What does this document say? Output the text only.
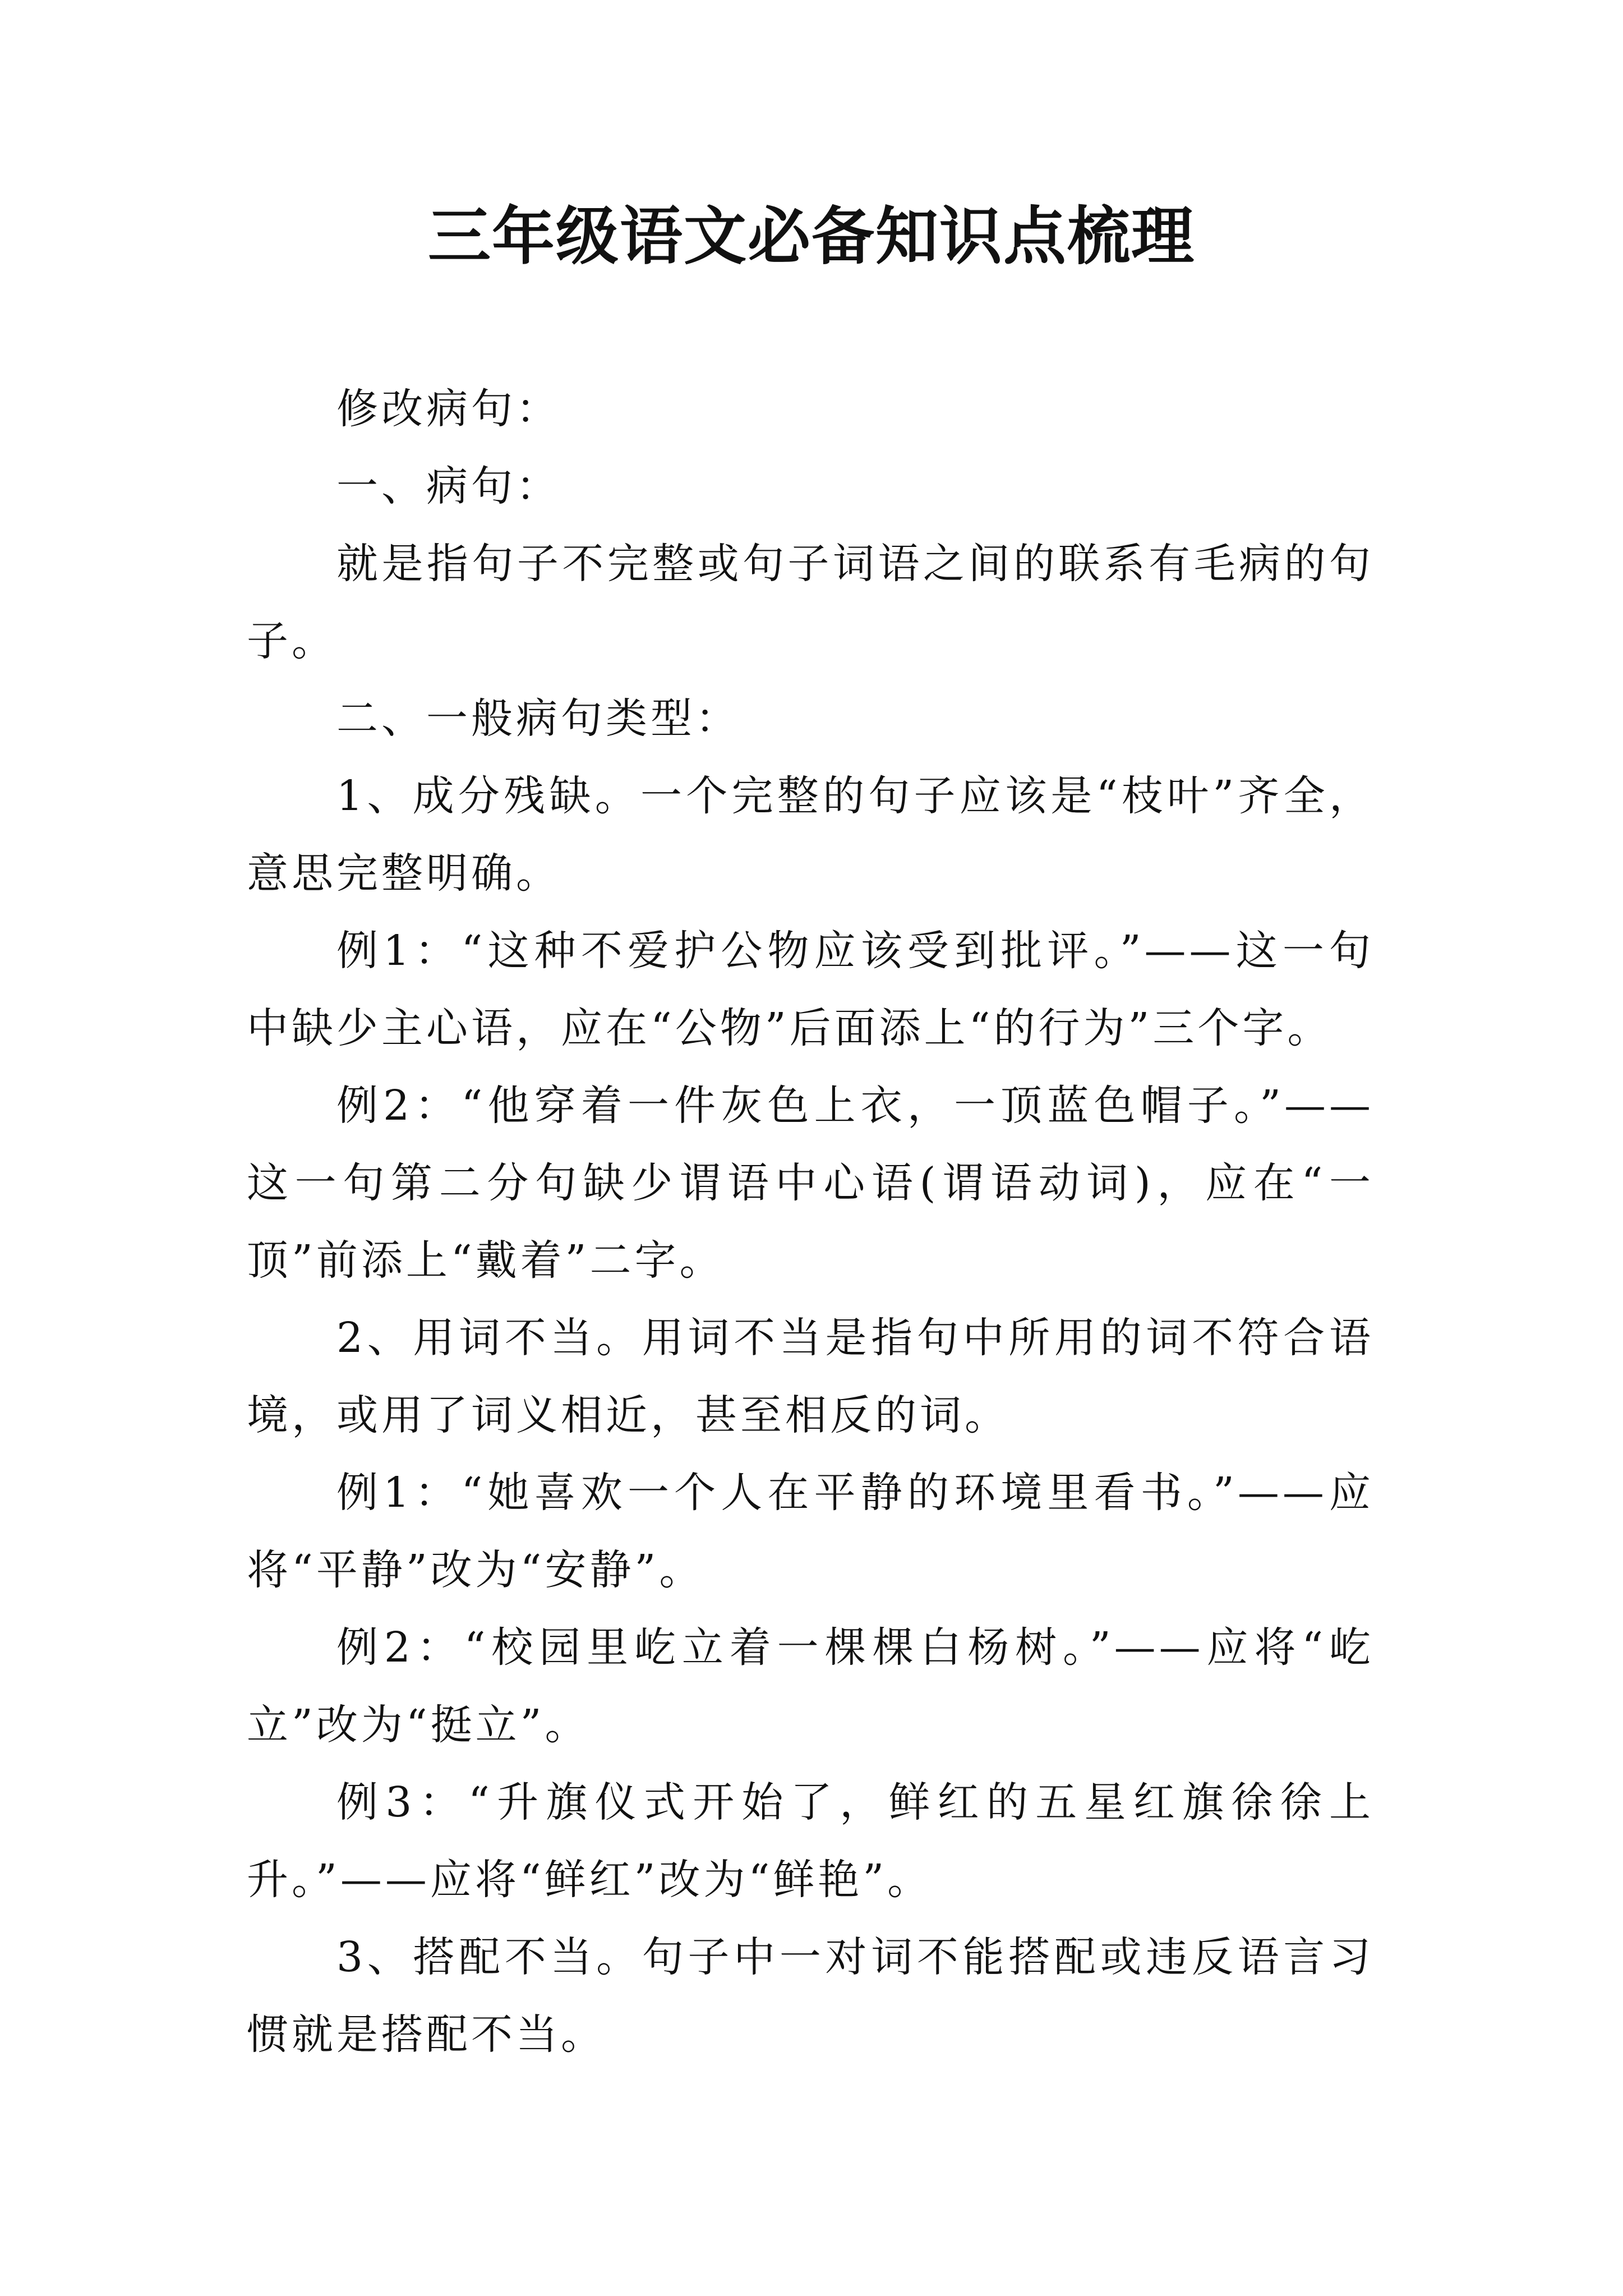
三年级语文必备知识点梳理

修改病句：

一、病句：

就是指句子不完整或句子词语之间的联系有毛病的句子。

二、一般病句类型：

1、成分残缺。一个完整的句子应该是“枝叶”齐全，意思完整明确。

例1：“这种不爱护公物应该受到批评。”——这一句中缺少主心语，应在“公物”后面添上“的行为”三个字。

例2：“他穿着一件灰色上衣，一顶蓝色帽子。”——这一句第二分句缺少谓语中心语(谓语动词)，应在“一顶”前添上“戴着”二字。

2、用词不当。用词不当是指句中所用的词不符合语境，或用了词义相近，甚至相反的词。

例1：“她喜欢一个人在平静的环境里看书。”——应将“平静”改为“安静”。

例2：“校园里屹立着一棵棵白杨树。”——应将“屹立”改为“挺立”。

例3：“升旗仪式开始了，鲜红的五星红旗徐徐上升。”——应将“鲜红”改为“鲜艳”。

3、搭配不当。句子中一对词不能搭配或违反语言习惯就是搭配不当。
